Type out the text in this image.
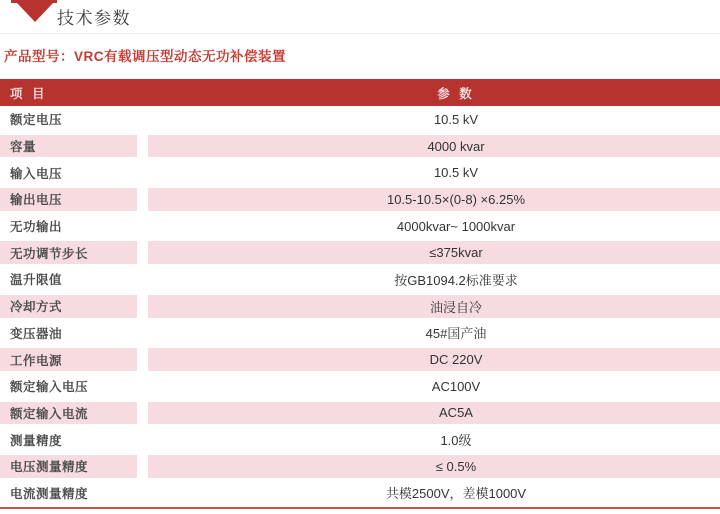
技术参数
产品型号：VRC有载调压型动态无功补偿装置
项 目	参 数
额定电压	10.5 kV
容量	4000 kvar
输入电压	10.5 kV
输出电压	10.5-10.5×(0-8) ×6.25%
无功输出	4000kvar~ 1000kvar
无功调节步长	≤375kvar
温升限值	按GB1094.2标准要求
冷却方式	油浸自冷
变压器油	45#国产油
工作电源	DC 220V
额定输入电压	AC100V
额定输入电流	AC5A
测量精度	1.0级
电压测量精度	≤ 0.5%
电流测量精度	共模2500V，差模1000V
